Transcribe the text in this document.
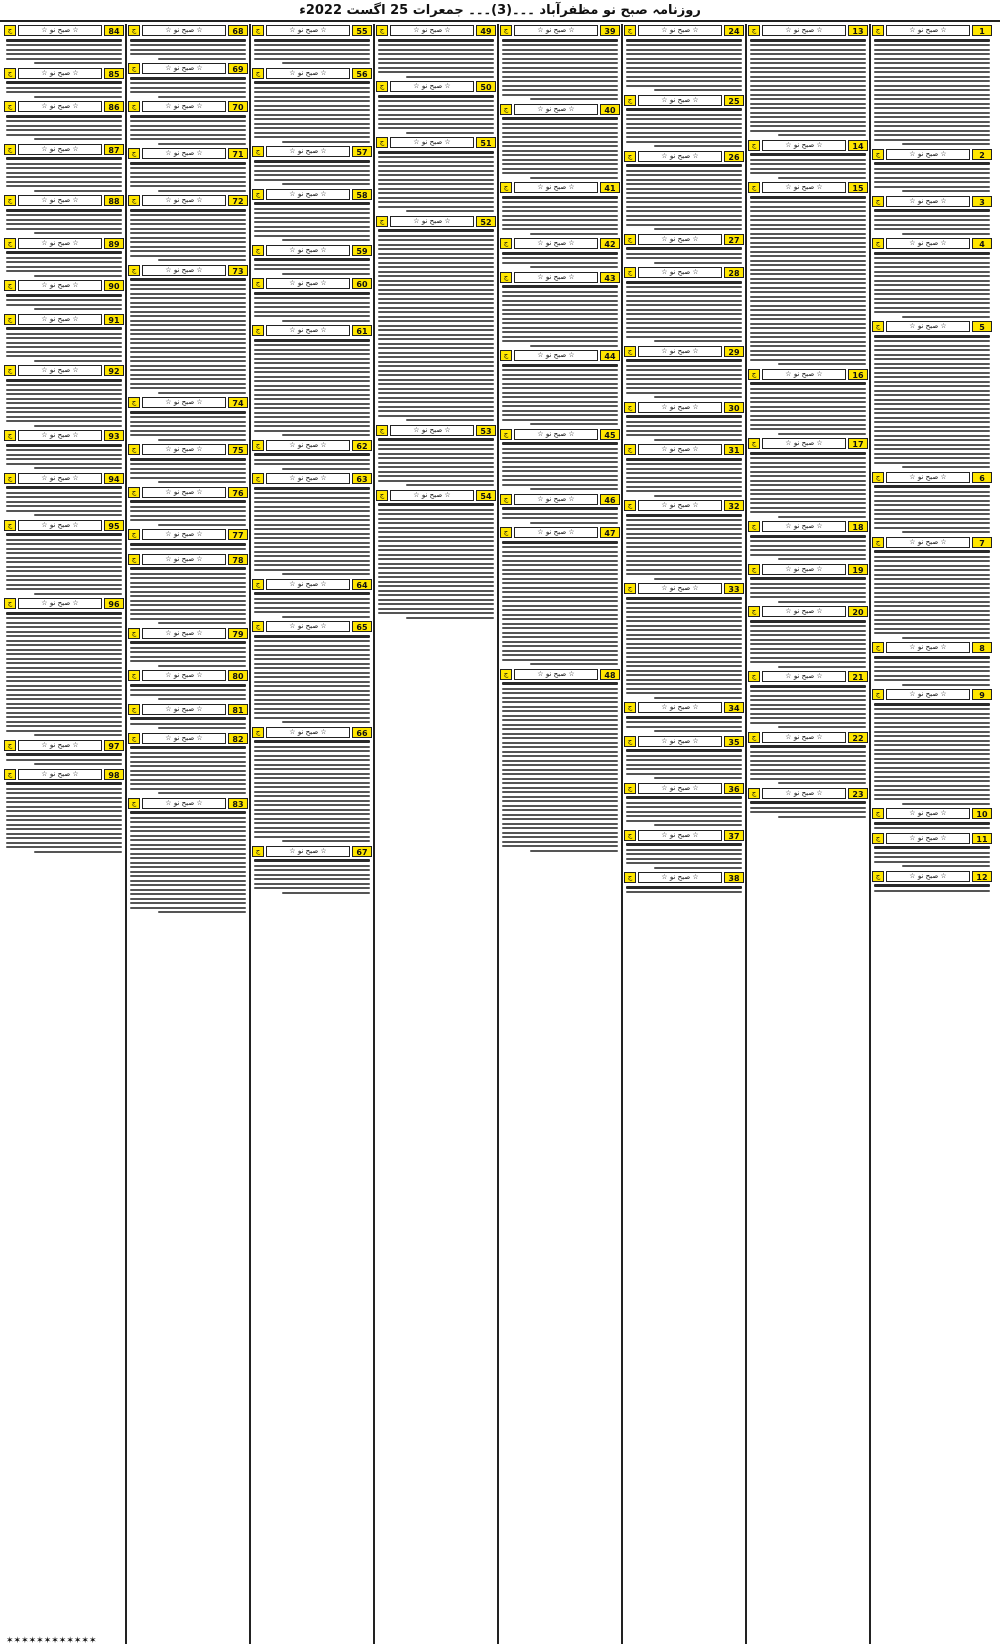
روزنامہ صبح نو مظفرآباد ۔۔۔(3)۔۔۔ جمعرات 25 اگست 2022ء
ج	☆ صبح نو ☆	1
ج	☆ صبح نو ☆	2
ج	☆ صبح نو ☆	3
ج	☆ صبح نو ☆	4
ج	☆ صبح نو ☆	5
ج	☆ صبح نو ☆	6
ج	☆ صبح نو ☆	7
ج	☆ صبح نو ☆	8
ج	☆ صبح نو ☆	9
ج	☆ صبح نو ☆	10
ج	☆ صبح نو ☆	11
ج	☆ صبح نو ☆	12
ج	☆ صبح نو ☆	13
ج	☆ صبح نو ☆	14
ج	☆ صبح نو ☆	15
ج	☆ صبح نو ☆	16
ج	☆ صبح نو ☆	17
ج	☆ صبح نو ☆	18
ج	☆ صبح نو ☆	19
ج	☆ صبح نو ☆	20
ج	☆ صبح نو ☆	21
ج	☆ صبح نو ☆	22
ج	☆ صبح نو ☆	23
ج	☆ صبح نو ☆	24
ج	☆ صبح نو ☆	25
ج	☆ صبح نو ☆	26
ج	☆ صبح نو ☆	27
ج	☆ صبح نو ☆	28
ج	☆ صبح نو ☆	29
ج	☆ صبح نو ☆	30
ج	☆ صبح نو ☆	31
ج	☆ صبح نو ☆	32
ج	☆ صبح نو ☆	33
ج	☆ صبح نو ☆	34
ج	☆ صبح نو ☆	35
ج	☆ صبح نو ☆	36
ج	☆ صبح نو ☆	37
ج	☆ صبح نو ☆	38
ج	☆ صبح نو ☆	39
ج	☆ صبح نو ☆	40
ج	☆ صبح نو ☆	41
ج	☆ صبح نو ☆	42
ج	☆ صبح نو ☆	43
ج	☆ صبح نو ☆	44
ج	☆ صبح نو ☆	45
ج	☆ صبح نو ☆	46
ج	☆ صبح نو ☆	47
ج	☆ صبح نو ☆	48
ج	☆ صبح نو ☆	49
ج	☆ صبح نو ☆	50
ج	☆ صبح نو ☆	51
ج	☆ صبح نو ☆	52
ج	☆ صبح نو ☆	53
ج	☆ صبح نو ☆	54
ج	☆ صبح نو ☆	55
ج	☆ صبح نو ☆	56
ج	☆ صبح نو ☆	57
ج	☆ صبح نو ☆	58
ج	☆ صبح نو ☆	59
ج	☆ صبح نو ☆	60
ج	☆ صبح نو ☆	61
ج	☆ صبح نو ☆	62
ج	☆ صبح نو ☆	63
ج	☆ صبح نو ☆	64
ج	☆ صبح نو ☆	65
ج	☆ صبح نو ☆	66
ج	☆ صبح نو ☆	67
ج	☆ صبح نو ☆	68
ج	☆ صبح نو ☆	69
ج	☆ صبح نو ☆	70
ج	☆ صبح نو ☆	71
ج	☆ صبح نو ☆	72
ج	☆ صبح نو ☆	73
ج	☆ صبح نو ☆	74
ج	☆ صبح نو ☆	75
ج	☆ صبح نو ☆	76
ج	☆ صبح نو ☆	77
ج	☆ صبح نو ☆	78
ج	☆ صبح نو ☆	79
ج	☆ صبح نو ☆	80
ج	☆ صبح نو ☆	81
ج	☆ صبح نو ☆	82
ج	☆ صبح نو ☆	83
ج	☆ صبح نو ☆	84
ج	☆ صبح نو ☆	85
ج	☆ صبح نو ☆	86
ج	☆ صبح نو ☆	87
ج	☆ صبح نو ☆	88
ج	☆ صبح نو ☆	89
ج	☆ صبح نو ☆	90
ج	☆ صبح نو ☆	91
ج	☆ صبح نو ☆	92
ج	☆ صبح نو ☆	93
ج	☆ صبح نو ☆	94
ج	☆ صبح نو ☆	95
ج	☆ صبح نو ☆	96
ج	☆ صبح نو ☆	97
ج	☆ صبح نو ☆	98
✶✶✶✶✶✶✶✶✶✶✶✶
